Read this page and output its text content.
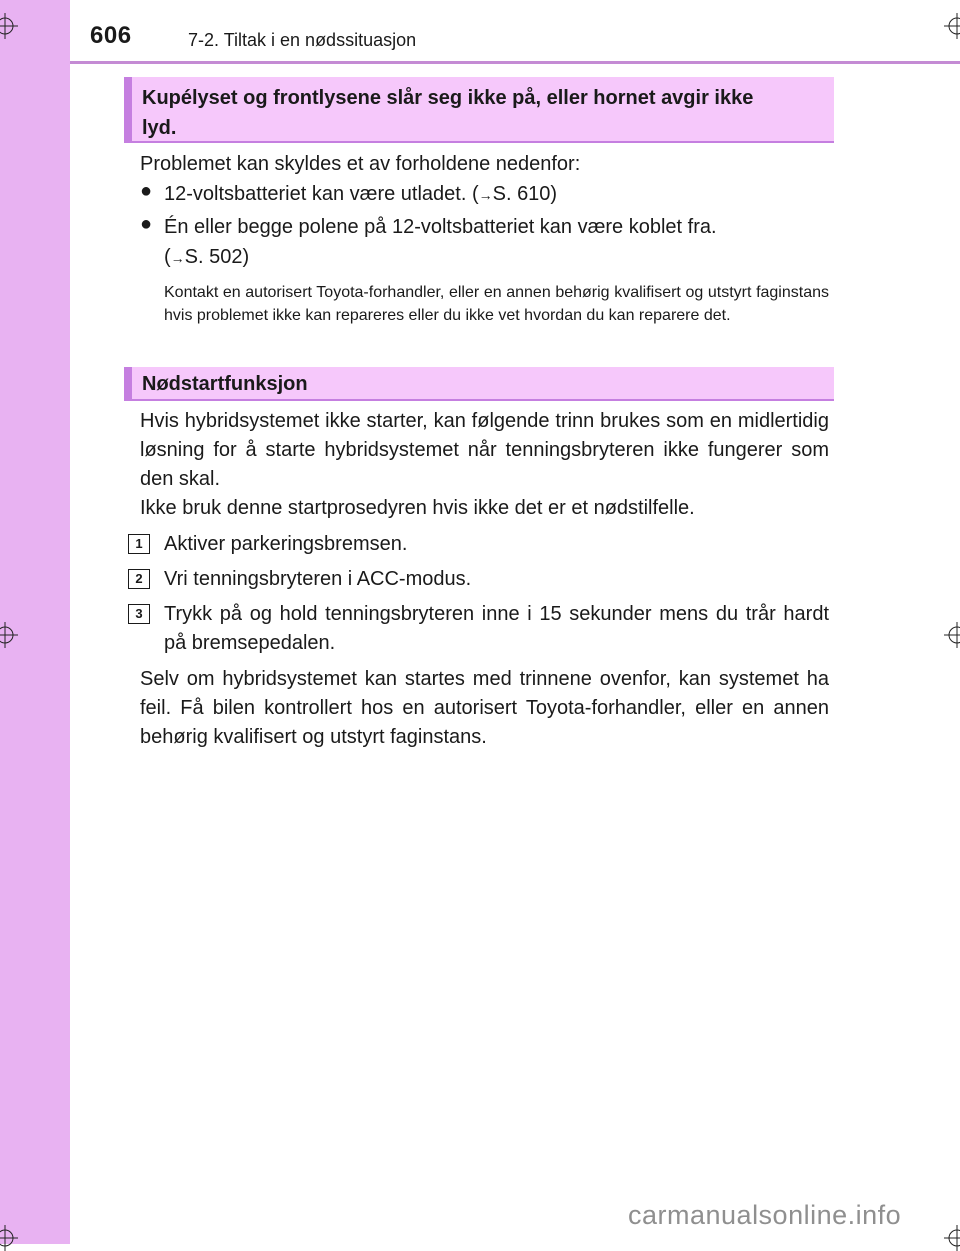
606	7-2. Tiltak i en nødssituasjon
Kupélyset og frontlysene slår seg ikke på, eller hornet avgir ikke
lyd.
Problemet kan skyldes et av forholdene nedenfor:
● 12-voltsbatteriet kan være utladet. (→S. 610)
● Én eller begge polene på 12-voltsbatteriet kan være koblet fra.
(→S. 502)
Kontakt en autorisert Toyota-forhandler, eller en annen behørig kvalifisert og utstyrt faginstans hvis problemet ikke kan repareres eller du ikke vet hvordan du kan reparere det.
Nødstartfunksjon
Hvis hybridsystemet ikke starter, kan følgende trinn brukes som en midlertidig løsning for å starte hybridsystemet når tenningsbryteren ikke fungerer som den skal.
Ikke bruk denne startprosedyren hvis ikke det er et nødstilfelle.
1	Aktiver parkeringsbremsen.
2	Vri tenningsbryteren i ACC-modus.
3	Trykk på og hold tenningsbryteren inne i 15 sekunder mens du trår hardt på bremsepedalen.
Selv om hybridsystemet kan startes med trinnene ovenfor, kan systemet ha feil. Få bilen kontrollert hos en autorisert Toyota-forhandler, eller en annen behørig kvalifisert og utstyrt faginstans.
carmanualsonline.info
